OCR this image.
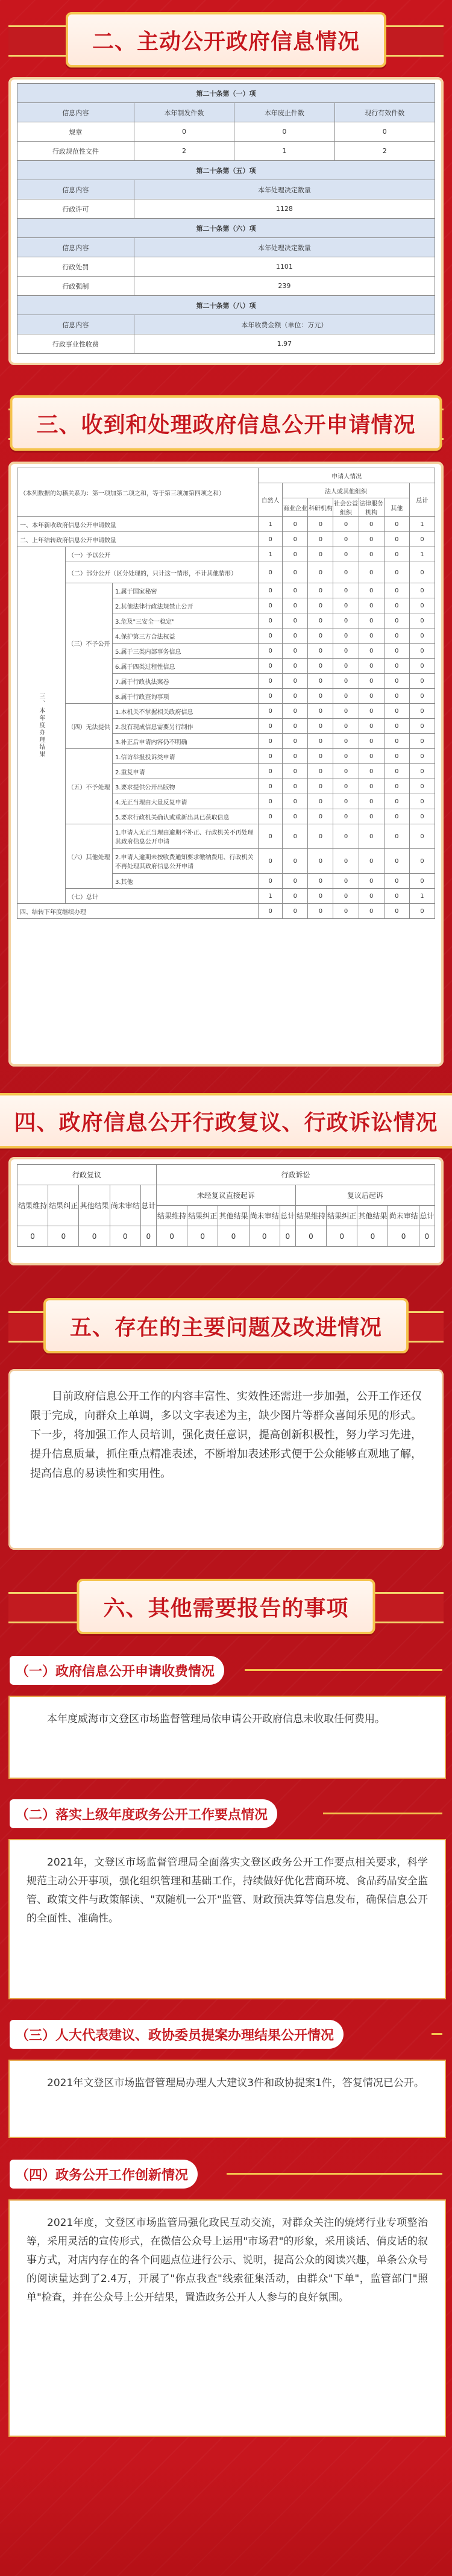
二、主动公开政府信息情况
第二十条第（一）项			
信息内容	本年制发件数	本年废止件数	现行有效件数
规章	0	0	0
行政规范性文件	2	1	2
第二十条第（五）项			
信息内容	本年处理决定数量		
行政许可	1128		
第二十条第（六）项			
信息内容	本年处理决定数量		
行政处罚	1101		
行政强制	239		
第二十条第（八）项			
信息内容	本年收费金额（单位：万元）		
行政事业性收费	1.97		
三、收到和处理政府信息公开申请情况
（本列数据的勾稽关系为：第一项加第二项之和，等于第三项加第四项之和）			申请人情况						
			自然人	法人或其他组织					总计
				商业企业	科研机构	社会公益组织	法律服务机构	其他	
一、本年新收政府信息公开申请数量			1	0	0	0	0	0	1
二、上年结转政府信息公开申请数量			0	0	0	0	0	0	0
三、本年度办理结果	（一）予以公开		1	0	0	0	0	0	1
	（二）部分公开（区分处理的，只计这一情形，不计其他情形）		0	0	0	0	0	0	0
	（三）不予公开	1.属于国家秘密	0	0	0	0	0	0	0
		2.其他法律行政法规禁止公开	0	0	0	0	0	0	0
		3.危及"三安全一稳定"	0	0	0	0	0	0	0
		4.保护第三方合法权益	0	0	0	0	0	0	0
		5.属于三类内部事务信息	0	0	0	0	0	0	0
		6.属于四类过程性信息	0	0	0	0	0	0	0
		7.属于行政执法案卷	0	0	0	0	0	0	0
		8.属于行政查询事项	0	0	0	0	0	0	0
	（四）无法提供	1.本机关不掌握相关政府信息	0	0	0	0	0	0	0
		2.没有现成信息需要另行制作	0	0	0	0	0	0	0
		3.补正后申请内容仍不明确	0	0	0	0	0	0	0
	（五）不予处理	1.信访举报投诉类申请	0	0	0	0	0	0	0
		2.重复申请	0	0	0	0	0	0	0
		3.要求提供公开出版物	0	0	0	0	0	0	0
		4.无正当理由大量反复申请	0	0	0	0	0	0	0
		5.要求行政机关确认或重新出具已获取信息	0	0	0	0	0	0	0
	（六）其他处理	1.申请人无正当理由逾期不补正、行政机关不再处理其政府信息公开申请	0	0	0	0	0	0	0
		2.申请人逾期未按收费通知要求缴纳费用、行政机关不再处理其政府信息公开申请	0	0	0	0	0	0	0
		3.其他	0	0	0	0	0	0	0
	（七）总计		1	0	0	0	0	0	1
四、结转下年度继续办理			0	0	0	0	0	0	0
四、政府信息公开行政复议、行政诉讼情况
行政复议					行政诉讼									
结果维持	结果纠正	其他结果	尚未审结	总计	未经复议直接起诉					复议后起诉				
					结果维持	结果纠正	其他结果	尚未审结	总计	结果维持	结果纠正	其他结果	尚未审结	总计
0	0	0	0	0	0	0	0	0	0	0	0	0	0	0
五、存在的主要问题及改进情况

目前政府信息公开工作的内容丰富性、实效性还需进一步加强，公开工作还仅限于完成，向群众上单调，多以文字表述为主，缺少图片等群众喜闻乐见的形式。下一步，将加强工作人员培训，强化责任意识，提高创新积极性，努力学习先进，提升信息质量，抓住重点精准表述，不断增加表述形式便于公众能够直观地了解，提高信息的易读性和实用性。

六、其他需要报告的事项
（一）政府信息公开申请收费情况

本年度威海市文登区市场监督管理局依申请公开政府信息未收取任何费用。

（二）落实上级年度政务公开工作要点情况

2021年，文登区市场监督管理局全面落实文登区政务公开工作要点相关要求，科学规范主动公开事项，强化组织管理和基础工作，持续做好优化营商环境、食品药品安全监管、政策文件与政策解读、"双随机一公开"监管、财政预决算等信息发布，确保信息公开的全面性、准确性。

（三）人大代表建议、政协委员提案办理结果公开情况

2021年文登区市场监督管理局办理人大建议3件和政协提案1件，答复情况已公开。

（四）政务公开工作创新情况

2021年度，文登区市场监管局强化政民互动交流，对群众关注的焼烤行业专项整治等，采用灵活的宣传形式，在微信公众号上运用"市场君"的形象，采用谈话、俏皮话的叙事方式，对店内存在的各个问题点位进行公示、说明，提高公众的阅读兴趣，单条公众号的阅读量达到了2.4万，开展了"你点我查"线索征集活动，由群众"下单"，监管部门"照单"检查，并在公众号上公开结果，置造政务公开人人参与的良好氛围。
